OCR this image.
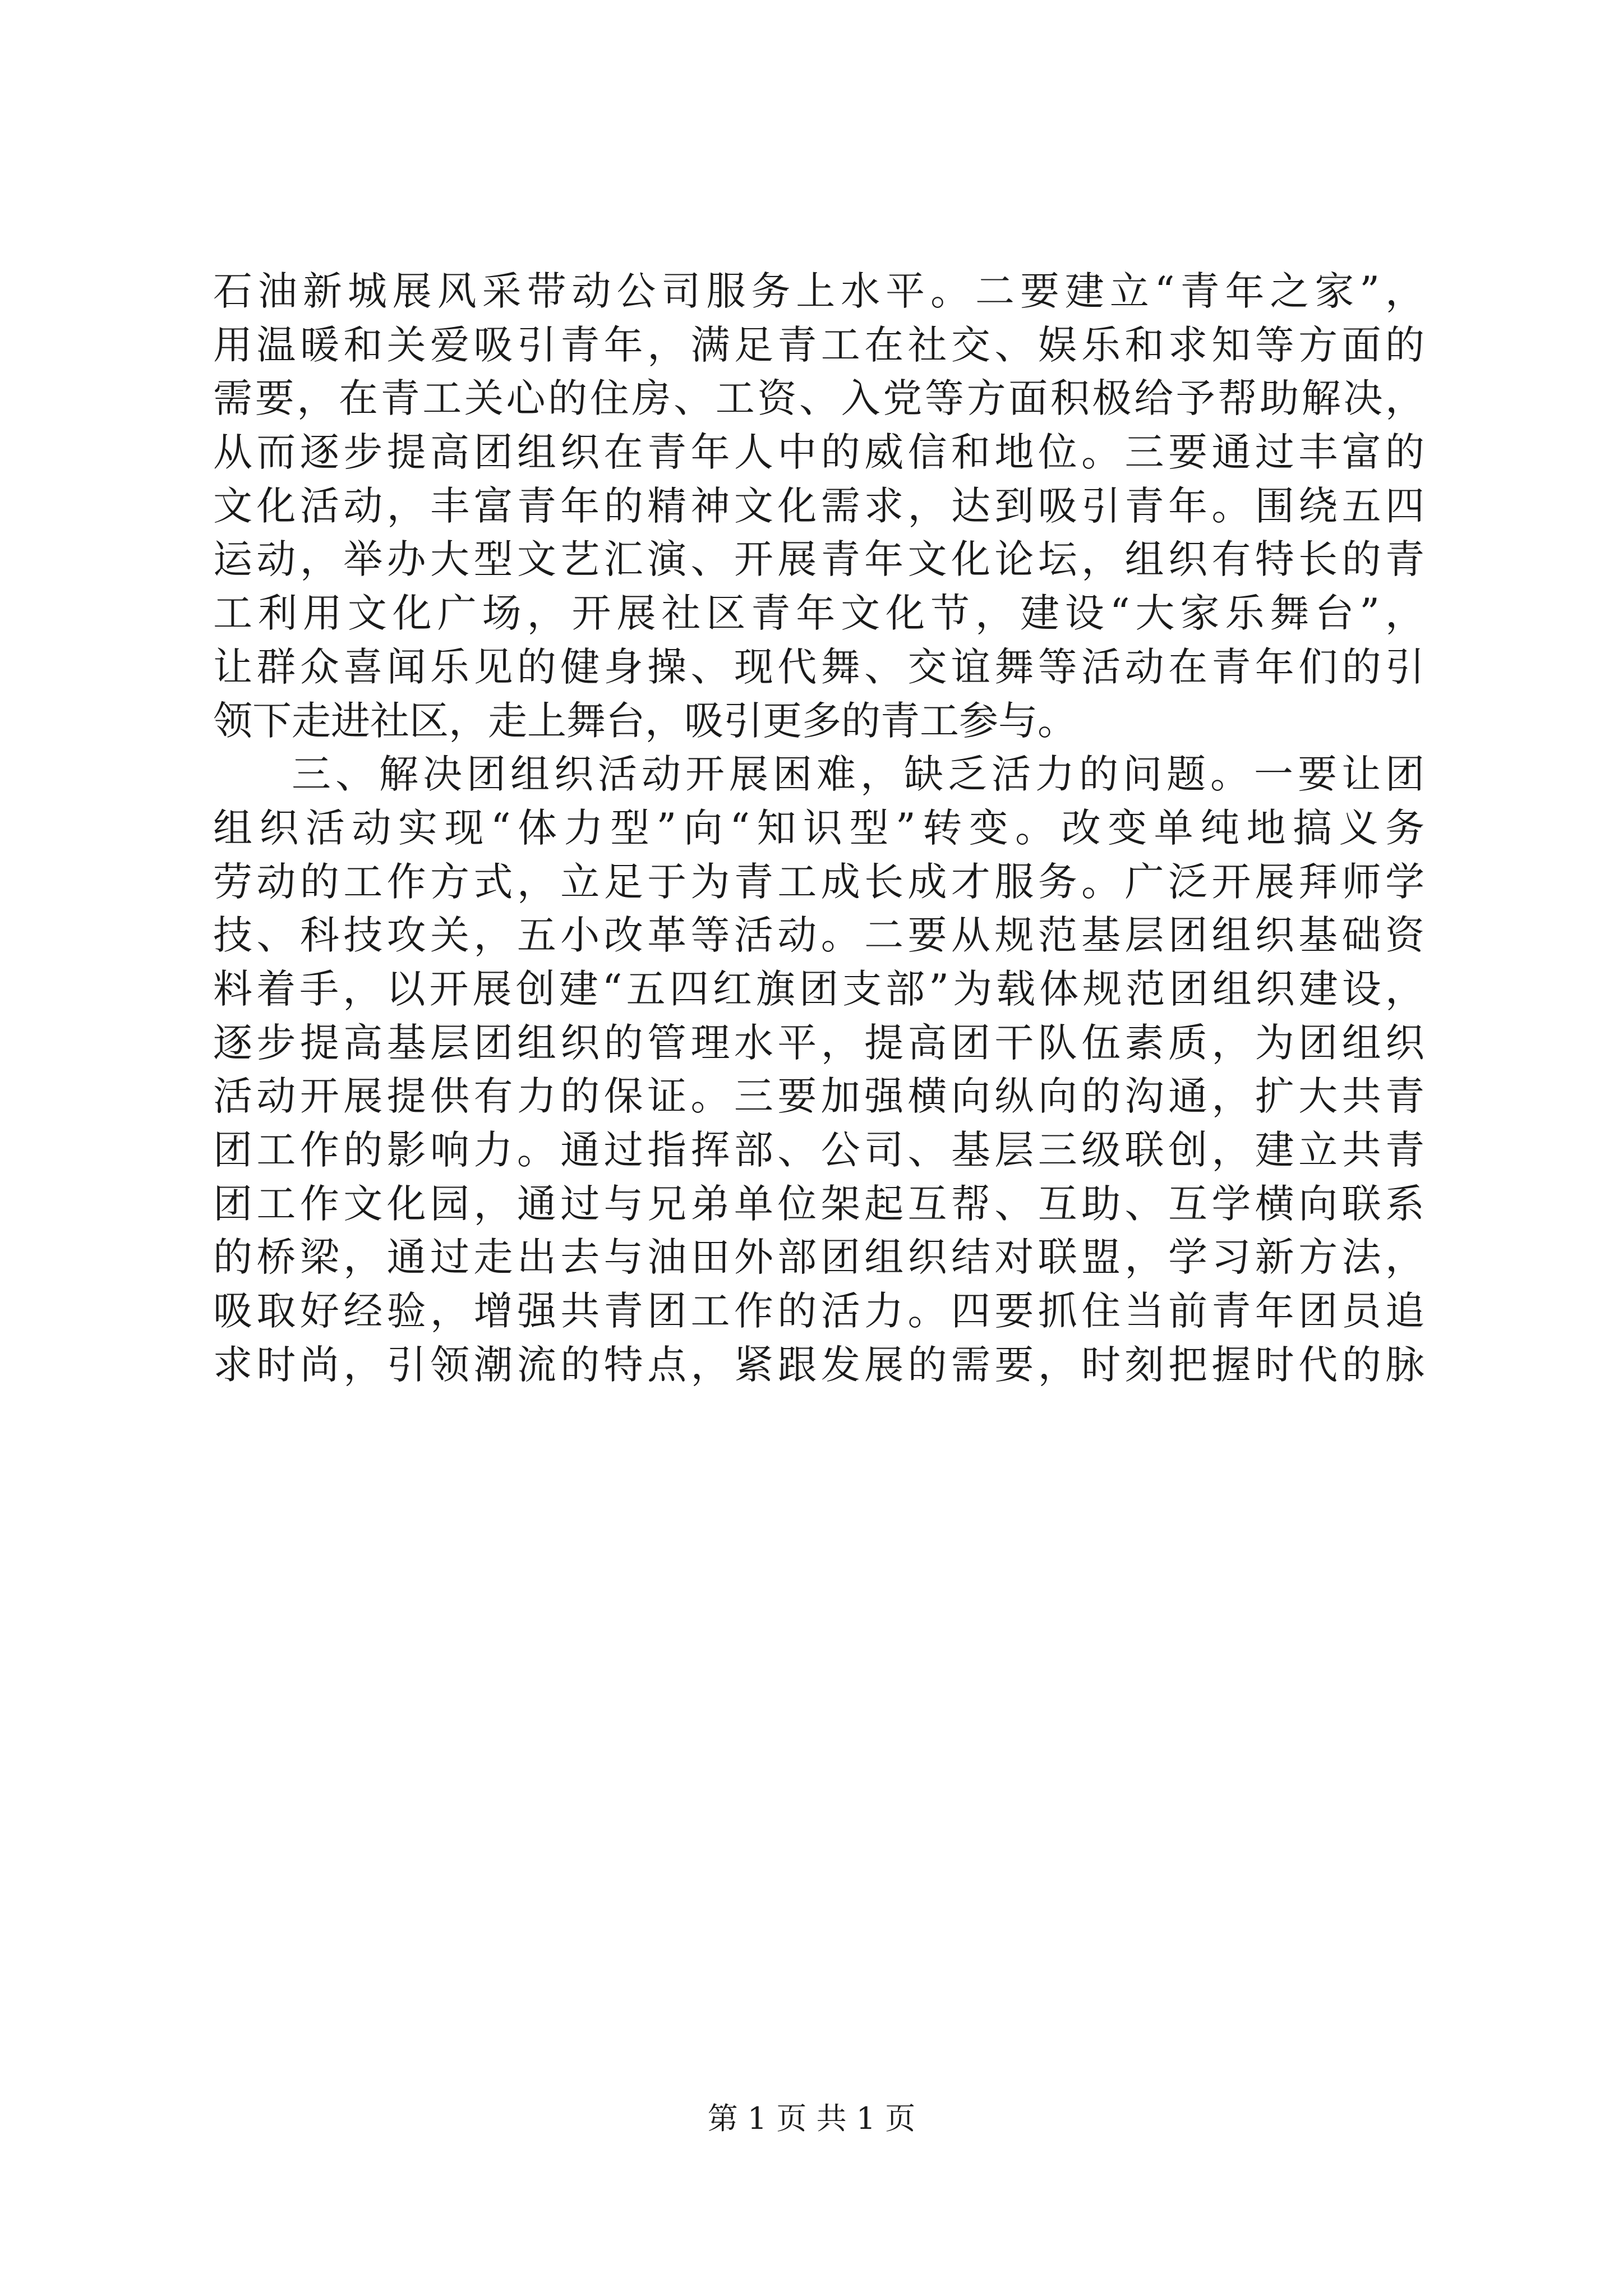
石油新城展风采带动公司服务上水平。二要建立“青年之家”，
用温暖和关爱吸引青年，满足青工在社交、娱乐和求知等方面的
需要，在青工关心的住房、工资、入党等方面积极给予帮助解决，
从而逐步提高团组织在青年人中的威信和地位。三要通过丰富的
文化活动，丰富青年的精神文化需求，达到吸引青年。围绕五四
运动，举办大型文艺汇演、开展青年文化论坛，组织有特长的青
工利用文化广场，开展社区青年文化节，建设“大家乐舞台”，
让群众喜闻乐见的健身操、现代舞、交谊舞等活动在青年们的引
领下走进社区，走上舞台，吸引更多的青工参与。
三、解决团组织活动开展困难，缺乏活力的问题。一要让团
组织活动实现“体力型”向“知识型”转变。改变单纯地搞义务
劳动的工作方式，立足于为青工成长成才服务。广泛开展拜师学
技、科技攻关，五小改革等活动。二要从规范基层团组织基础资
料着手，以开展创建“五四红旗团支部”为载体规范团组织建设，
逐步提高基层团组织的管理水平，提高团干队伍素质，为团组织
活动开展提供有力的保证。三要加强横向纵向的沟通，扩大共青
团工作的影响力。通过指挥部、公司、基层三级联创，建立共青
团工作文化园，通过与兄弟单位架起互帮、互助、互学横向联系
的桥梁，通过走出去与油田外部团组织结对联盟，学习新方法，
吸取好经验，增强共青团工作的活力。四要抓住当前青年团员追
求时尚，引领潮流的特点，紧跟发展的需要，时刻把握时代的脉
第 1 页 共 1 页
